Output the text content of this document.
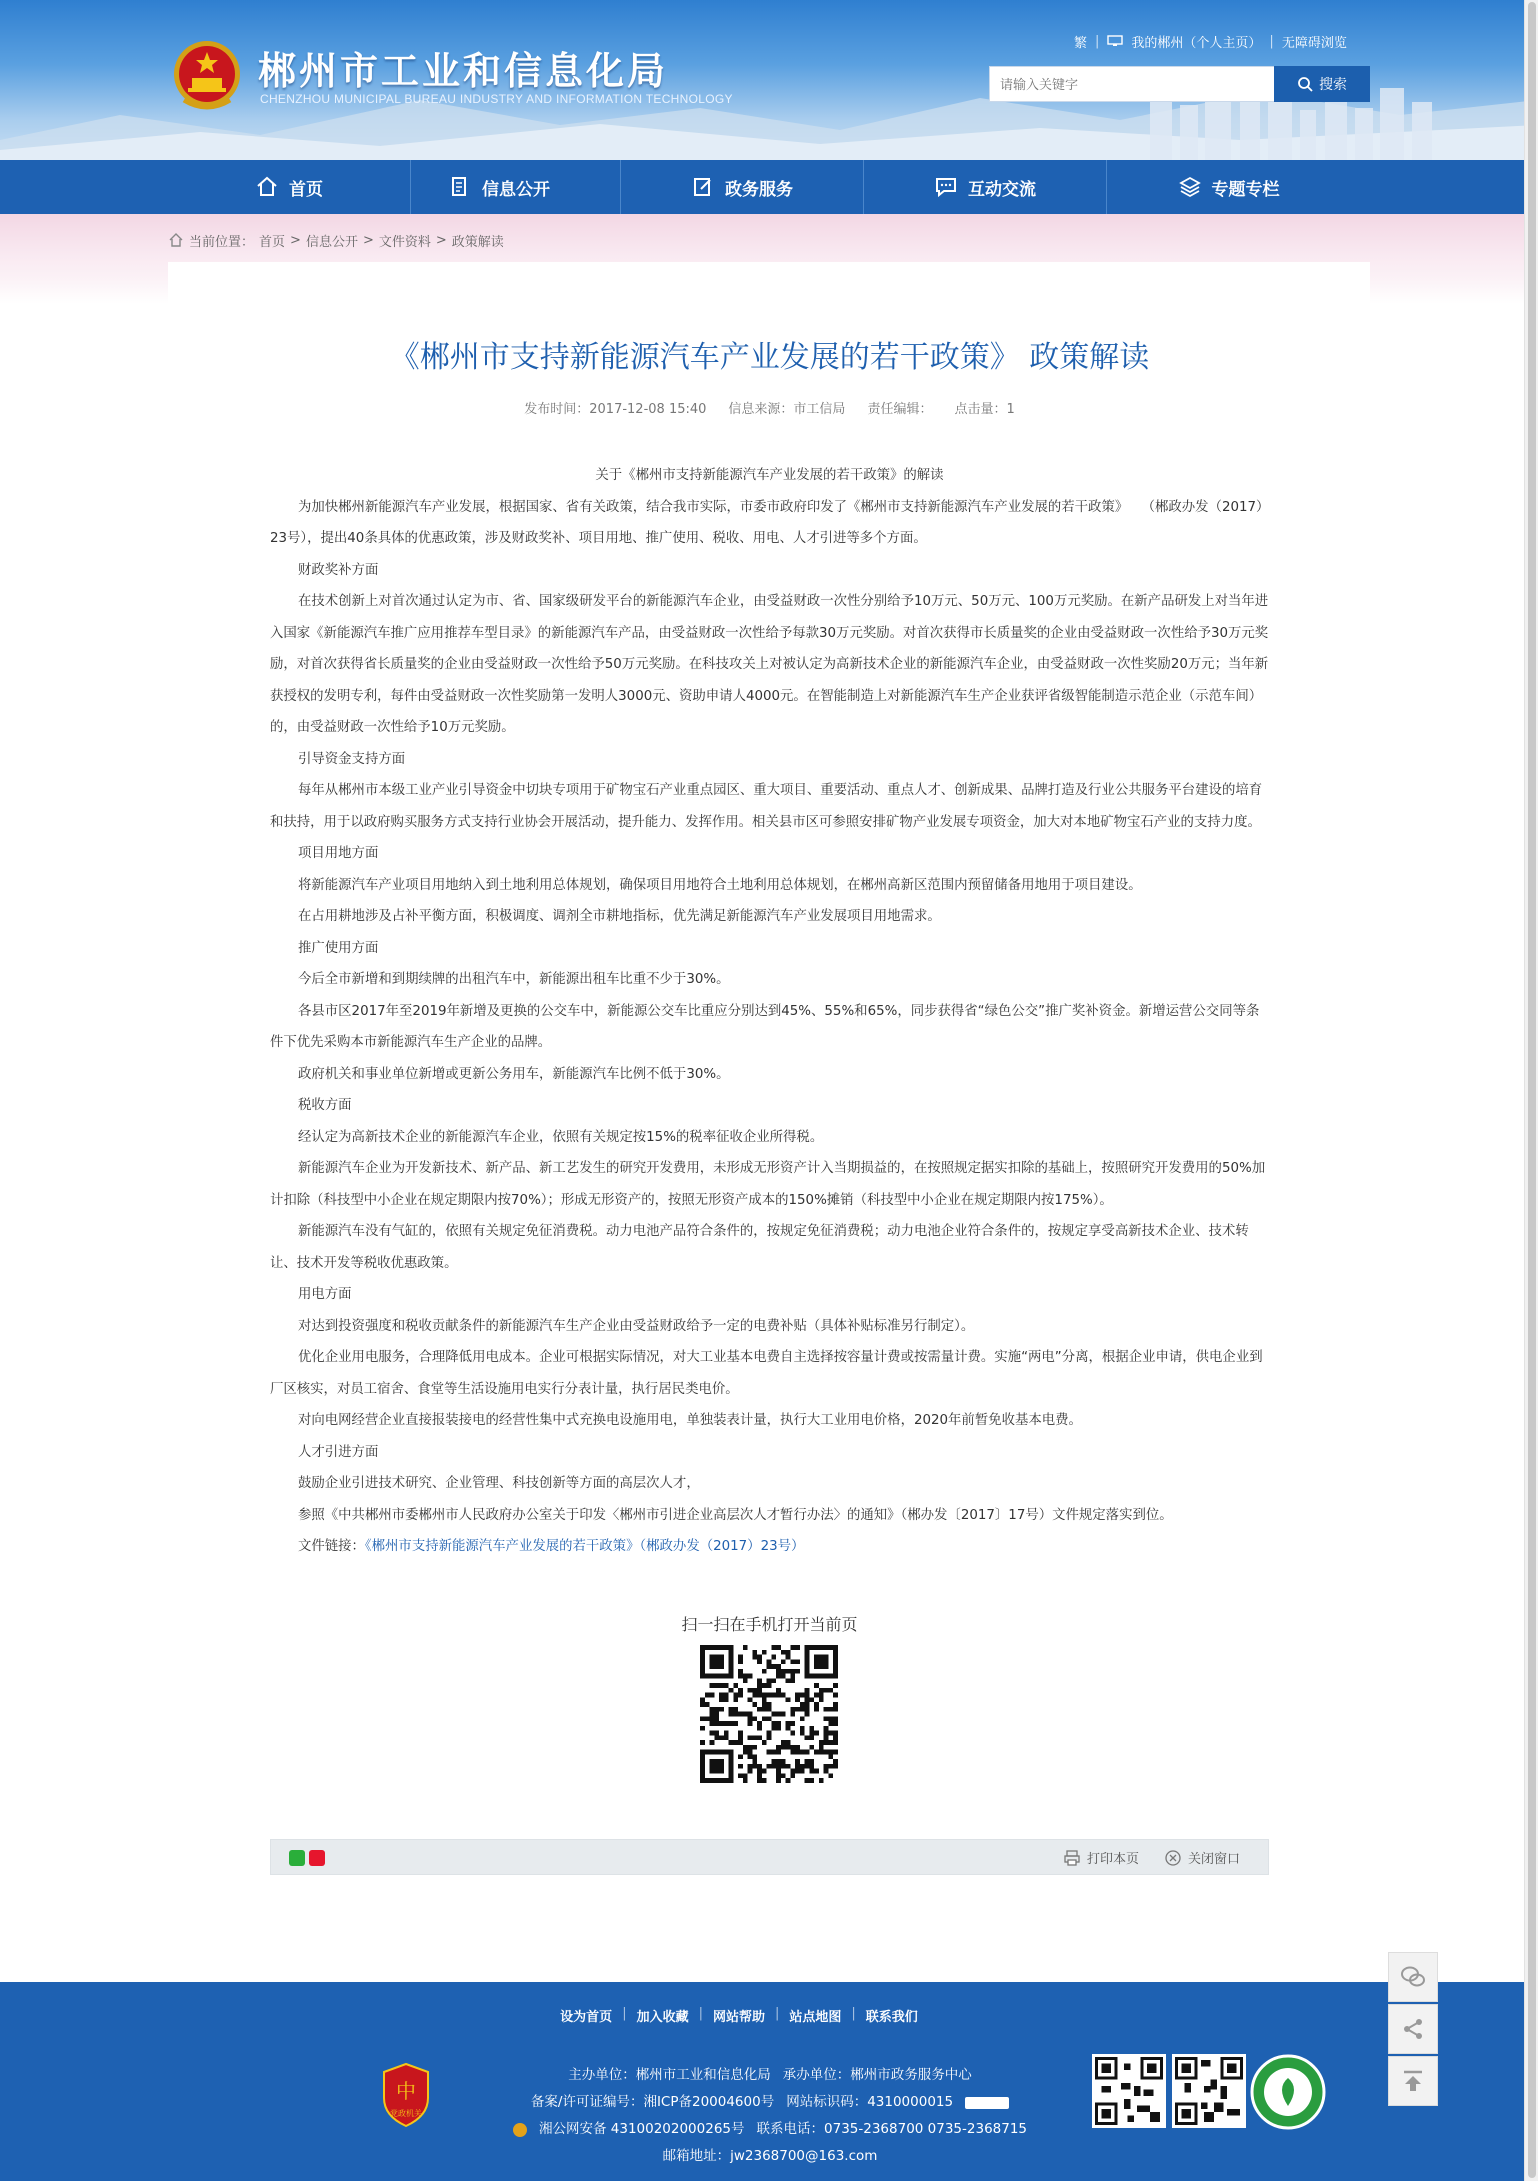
郴州市工业和信息化局
CHENZHOU MUNICIPAL BUREAU INDUSTRY AND INFORMATION TECHNOLOGY
繁 | 我的郴州（个人主页） | 无障碍浏览
请输入关键字
搜索
首页	信息公开	政务服务	互动交流	专题专栏
当前位置： 首页 > 信息公开 > 文件资料 > 政策解读
《郴州市支持新能源汽车产业发展的若干政策》 政策解读
发布时间：2017-12-08 15:40 信息来源：市工信局 责任编辑： 点击量：1

关于《郴州市支持新能源汽车产业发展的若干政策》的解读

为加快郴州新能源汽车产业发展，根据国家、省有关政策，结合我市实际，市委市政府印发了《郴州市支持新能源汽车产业发展的若干政策》　　（郴政办发（2017）23号），提出40条具体的优惠政策，涉及财政奖补、项目用地、推广使用、税收、用电、人才引进等多个方面。

财政奖补方面

在技术创新上对首次通过认定为市、省、国家级研发平台的新能源汽车企业，由受益财政一次性分别给予10万元、50万元、100万元奖励。在新产品研发上对当年进入国家《新能源汽车推广应用推荐车型目录》的新能源汽车产品，由受益财政一次性给予每款30万元奖励。对首次获得市长质量奖的企业由受益财政一次性给予30万元奖励，对首次获得省长质量奖的企业由受益财政一次性给予50万元奖励。在科技攻关上对被认定为高新技术企业的新能源汽车企业，由受益财政一次性奖励20万元；当年新获授权的发明专利，每件由受益财政一次性奖励第一发明人3000元、资助申请人4000元。在智能制造上对新能源汽车生产企业获评省级智能制造示范企业（示范车间）的，由受益财政一次性给予10万元奖励。

引导资金支持方面

每年从郴州市本级工业产业引导资金中切块专项用于矿物宝石产业重点园区、重大项目、重要活动、重点人才、创新成果、品牌打造及行业公共服务平台建设的培育和扶持，用于以政府购买服务方式支持行业协会开展活动，提升能力、发挥作用。相关县市区可参照安排矿物产业发展专项资金，加大对本地矿物宝石产业的支持力度。

项目用地方面

将新能源汽车产业项目用地纳入到土地利用总体规划，确保项目用地符合土地利用总体规划，在郴州高新区范围内预留储备用地用于项目建设。

在占用耕地涉及占补平衡方面，积极调度、调剂全市耕地指标，优先满足新能源汽车产业发展项目用地需求。

推广使用方面

今后全市新增和到期续牌的出租汽车中，新能源出租车比重不少于30%。

各县市区2017年至2019年新增及更换的公交车中，新能源公交车比重应分别达到45%、55%和65%，同步获得省“绿色公交”推广奖补资金。新增运营公交同等条件下优先采购本市新能源汽车生产企业的品牌。

政府机关和事业单位新增或更新公务用车，新能源汽车比例不低于30%。

税收方面

经认定为高新技术企业的新能源汽车企业，依照有关规定按15%的税率征收企业所得税。

新能源汽车企业为开发新技术、新产品、新工艺发生的研究开发费用，未形成无形资产计入当期损益的，在按照规定据实扣除的基础上，按照研究开发费用的50%加计扣除（科技型中小企业在规定期限内按70%）；形成无形资产的，按照无形资产成本的150%摊销（科技型中小企业在规定期限内按175%）。

新能源汽车没有气缸的，依照有关规定免征消费税。动力电池产品符合条件的，按规定免征消费税；动力电池企业符合条件的，按规定享受高新技术企业、技术转让、技术开发等税收优惠政策。

用电方面

对达到投资强度和税收贡献条件的新能源汽车生产企业由受益财政给予一定的电费补贴（具体补贴标准另行制定）。

优化企业用电服务，合理降低用电成本。企业可根据实际情况，对大工业基本电费自主选择按容量计费或按需量计费。实施“两电”分离，根据企业申请，供电企业到厂区核实，对员工宿舍、食堂等生活设施用电实行分表计量，执行居民类电价。

对向电网经营企业直接报装接电的经营性集中式充换电设施用电，单独装表计量，执行大工业用电价格，2020年前暂免收基本电费。

人才引进方面

鼓励企业引进技术研究、企业管理、科技创新等方面的高层次人才，

参照《中共郴州市委郴州市人民政府办公室关于印发〈郴州市引进企业高层次人才暂行办法〉的通知》（郴办发〔2017〕17号）文件规定落实到位。

文件链接：《郴州市支持新能源汽车产业发展的若干政策》（郴政办发（2017）23号）

扫一扫在手机打开当前页
打印本页	关闭窗口
设为首页 | 加入收藏 | 网站帮助 | 站点地图 | 联系我们
中
党政机关
主办单位：郴州市工业和信息化局 承办单位：郴州市政务服务中心
备案/许可证编号：湘ICP备20004600号 网站标识码：4310000015
湘公网安备 43100202000265号 联系电话：0735-2368700 0735-2368715
邮箱地址：jw2368700@163.com
